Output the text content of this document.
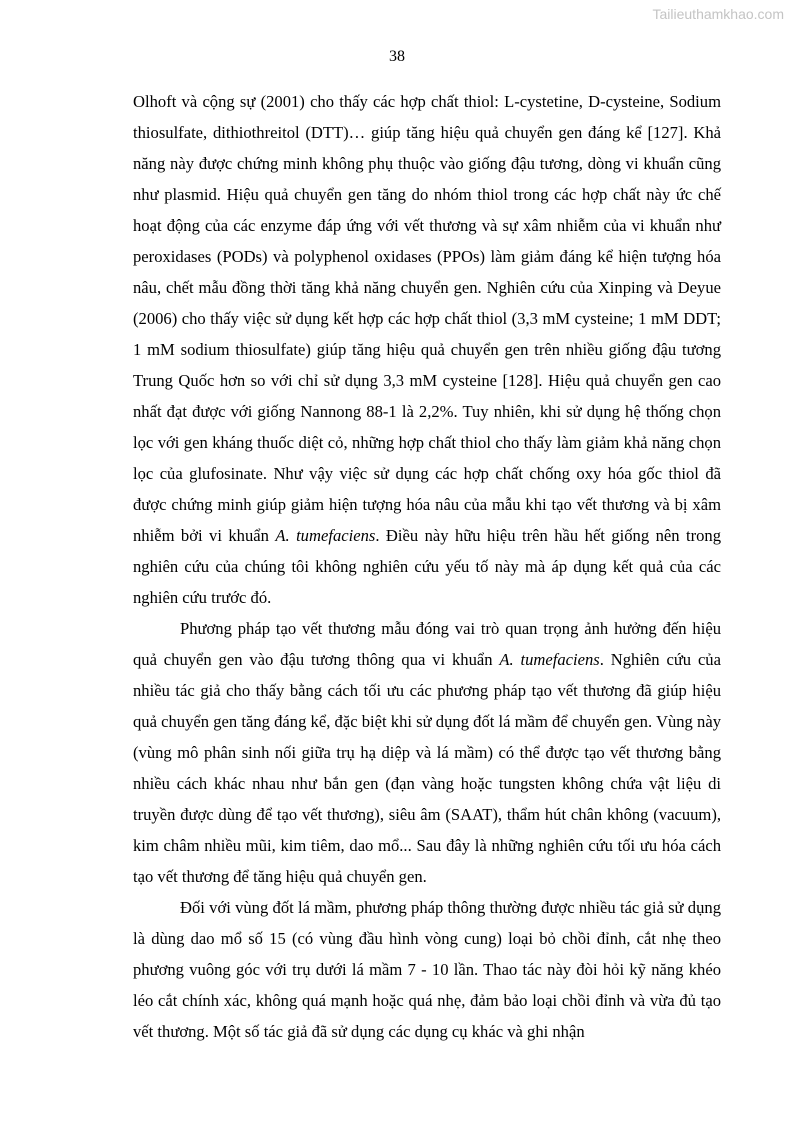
Tailieuthamkhao.com
38

Olhoft và cộng sự (2001) cho thấy các hợp chất thiol: L-cystetine, D-cysteine, Sodium thiosulfate, dithiothreitol (DTT)… giúp tăng hiệu quả chuyển gen đáng kể [127]. Khả năng này được chứng minh không phụ thuộc vào giống đậu tương, dòng vi khuẩn cũng như plasmid. Hiệu quả chuyển gen tăng do nhóm thiol trong các hợp chất này ức chế hoạt động của các enzyme đáp ứng với vết thương và sự xâm nhiễm của vi khuẩn như peroxidases (PODs) và polyphenol oxidases (PPOs) làm giảm đáng kể hiện tượng hóa nâu, chết mẫu đồng thời tăng khả năng chuyển gen. Nghiên cứu của Xinping và Deyue (2006) cho thấy việc sử dụng kết hợp các hợp chất thiol (3,3 mM cysteine; 1 mM DDT; 1 mM sodium thiosulfate) giúp tăng hiệu quả chuyển gen trên nhiều giống đậu tương Trung Quốc hơn so với chỉ sử dụng 3,3 mM cysteine [128]. Hiệu quả chuyển gen cao nhất đạt được với giống Nannong 88-1 là 2,2%. Tuy nhiên, khi sử dụng hệ thống chọn lọc với gen kháng thuốc diệt cỏ, những hợp chất thiol cho thấy làm giảm khả năng chọn lọc của glufosinate. Như vậy việc sử dụng các hợp chất chống oxy hóa gốc thiol đã được chứng minh giúp giảm hiện tượng hóa nâu của mẫu khi tạo vết thương và bị xâm nhiễm bởi vi khuẩn A. tumefaciens. Điều này hữu hiệu trên hầu hết giống nên trong nghiên cứu của chúng tôi không nghiên cứu yếu tố này mà áp dụng kết quả của các nghiên cứu trước đó.

Phương pháp tạo vết thương mẫu đóng vai trò quan trọng ảnh hưởng đến hiệu quả chuyển gen vào đậu tương thông qua vi khuẩn A. tumefaciens. Nghiên cứu của nhiều tác giả cho thấy bằng cách tối ưu các phương pháp tạo vết thương đã giúp hiệu quả chuyển gen tăng đáng kể, đặc biệt khi sử dụng đốt lá mầm để chuyển gen. Vùng này (vùng mô phân sinh nối giữa trụ hạ diệp và lá mầm) có thể được tạo vết thương bằng nhiều cách khác nhau như bắn gen (đạn vàng hoặc tungsten không chứa vật liệu di truyền được dùng để tạo vết thương), siêu âm (SAAT), thẩm hút chân không (vacuum), kim châm nhiều mũi, kim tiêm, dao mổ... Sau đây là những nghiên cứu tối ưu hóa cách tạo vết thương để tăng hiệu quả chuyển gen.

Đối với vùng đốt lá mầm, phương pháp thông thường được nhiều tác giả sử dụng là dùng dao mổ số 15 (có vùng đầu hình vòng cung) loại bỏ chồi đỉnh, cắt nhẹ theo phương vuông góc với trụ dưới lá mầm 7 - 10 lần. Thao tác này đòi hỏi kỹ năng khéo léo cắt chính xác, không quá mạnh hoặc quá nhẹ, đảm bảo loại chồi đỉnh và vừa đủ tạo vết thương. Một số tác giả đã sử dụng các dụng cụ khác và ghi nhận
